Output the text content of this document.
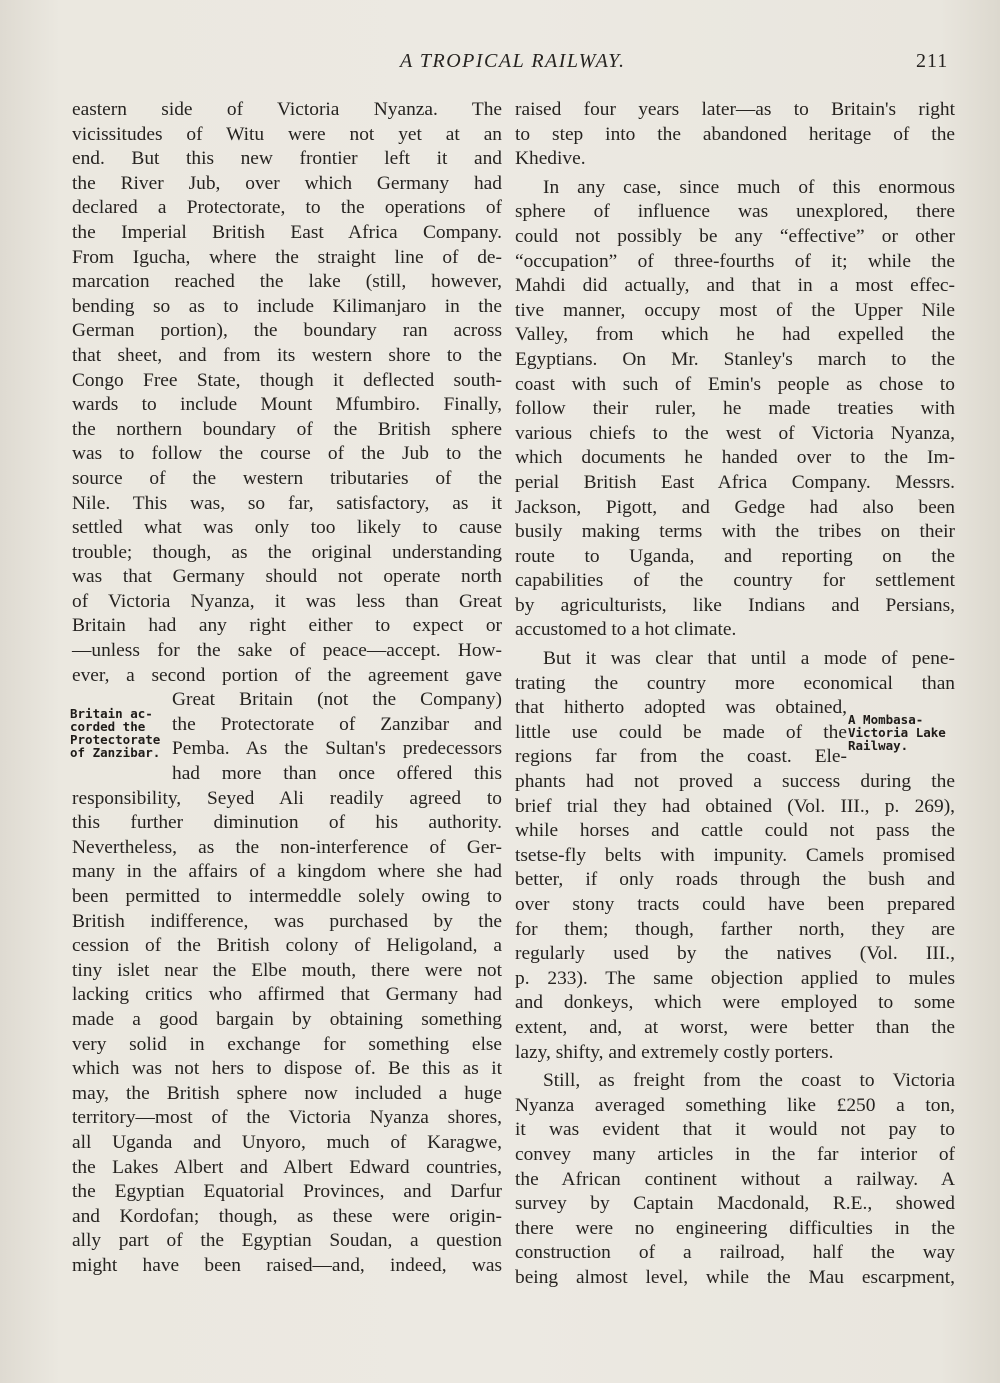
A TROPICAL RAILWAY.	211
eastern side of Victoria Nyanza. The
vicissitudes of Witu were not yet at an
end. But this new frontier left it and
the River Jub, over which Germany had
declared a Protectorate, to the operations of
the Imperial British East Africa Company.
From Igucha, where the straight line of de-
marcation reached the lake (still, however,
bending so as to include Kilimanjaro in the
German portion), the boundary ran across
that sheet, and from its western shore to the
Congo Free State, though it deflected south-
wards to include Mount Mfumbiro. Finally,
the northern boundary of the British sphere
was to follow the course of the Jub to the
source of the western tributaries of the
Nile. This was, so far, satisfactory, as it
settled what was only too likely to cause
trouble; though, as the original understanding
was that Germany should not operate north
of Victoria Nyanza, it was less than Great
Britain had any right either to expect or
—unless for the sake of peace—accept. How-
ever, a second portion of the agreement gave
Great Britain (not the Company)
the Protectorate of Zanzibar and
Pemba. As the Sultan's predecessors
had more than once offered this
responsibility, Seyed Ali readily agreed to
this further diminution of his authority.
Nevertheless, as the non-interference of Ger-
many in the affairs of a kingdom where she had
been permitted to intermeddle solely owing to
British indifference, was purchased by the
cession of the British colony of Heligoland, a
tiny islet near the Elbe mouth, there were not
lacking critics who affirmed that Germany had
made a good bargain by obtaining something
very solid in exchange for something else
which was not hers to dispose of. Be this as it
may, the British sphere now included a huge
territory—most of the Victoria Nyanza shores,
all Uganda and Unyoro, much of Karagwe,
the Lakes Albert and Albert Edward countries,
the Egyptian Equatorial Provinces, and Darfur
and Kordofan; though, as these were origin-
ally part of the Egyptian Soudan, a question
might have been raised—and, indeed, was
raised four years later—as to Britain's right
to step into the abandoned heritage of the
Khedive.
In any case, since much of this enormous
sphere of influence was unexplored, there
could not possibly be any “effective” or other
“occupation” of three-fourths of it; while the
Mahdi did actually, and that in a most effec-
tive manner, occupy most of the Upper Nile
Valley, from which he had expelled the
Egyptians. On Mr. Stanley's march to the
coast with such of Emin's people as chose to
follow their ruler, he made treaties with
various chiefs to the west of Victoria Nyanza,
which documents he handed over to the Im-
perial British East Africa Company. Messrs.
Jackson, Pigott, and Gedge had also been
busily making terms with the tribes on their
route to Uganda, and reporting on the
capabilities of the country for settlement
by agriculturists, like Indians and Persians,
accustomed to a hot climate.
But it was clear that until a mode of pene-
trating the country more economical than
that hitherto adopted was obtained,
little use could be made of the
regions far from the coast. Ele-
phants had not proved a success during the
brief trial they had obtained (Vol. III., p. 269),
while horses and cattle could not pass the
tsetse-fly belts with impunity. Camels promised
better, if only roads through the bush and
over stony tracts could have been prepared
for them; though, farther north, they are
regularly used by the natives (Vol. III.,
p. 233). The same objection applied to mules
and donkeys, which were employed to some
extent, and, at worst, were better than the
lazy, shifty, and extremely costly porters.
Still, as freight from the coast to Victoria
Nyanza averaged something like £250 a ton,
it was evident that it would not pay to
convey many articles in the far interior of
the African continent without a railway. A
survey by Captain Macdonald, R.E., showed
there were no engineering difficulties in the
construction of a railroad, half the way
being almost level, while the Mau escarpment,
Britain ac-
corded the
Protectorate
of Zanzibar.
A Mombasa-
Victoria Lake
Railway.
